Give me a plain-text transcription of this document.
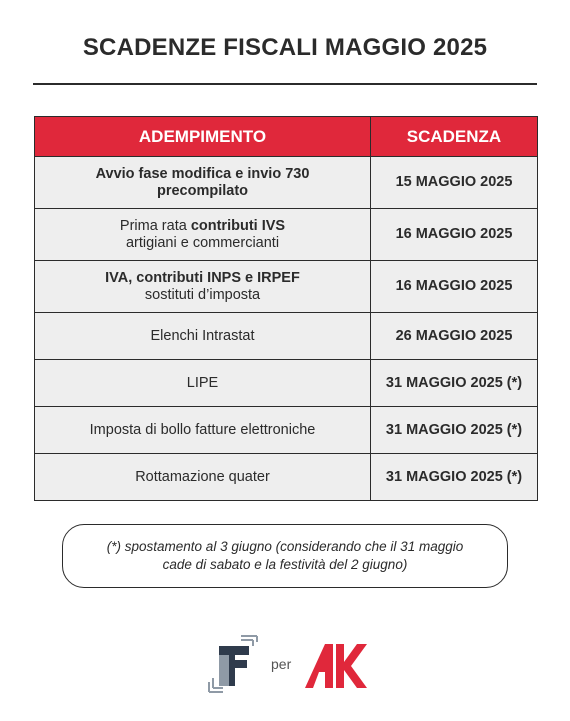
SCADENZE FISCALI MAGGIO 2025
ADEMPIMENTO	SCADENZA
Avvio fase modifica e invio 730
precompilato	15 MAGGIO 2025
Prima rata contributi IVS
artigiani e commercianti	16 MAGGIO 2025
IVA, contributi INPS e IRPEF
sostituti d’imposta	16 MAGGIO 2025
Elenchi Intrastat	26 MAGGIO 2025
LIPE	31 MAGGIO 2025 (*)
Imposta di bollo fatture elettroniche	31 MAGGIO 2025 (*)
Rottamazione quater	31 MAGGIO 2025 (*)
(*) spostamento al 3 giugno (considerando che il 31 maggio
cade di sabato e la festività del 2 giugno)
per
